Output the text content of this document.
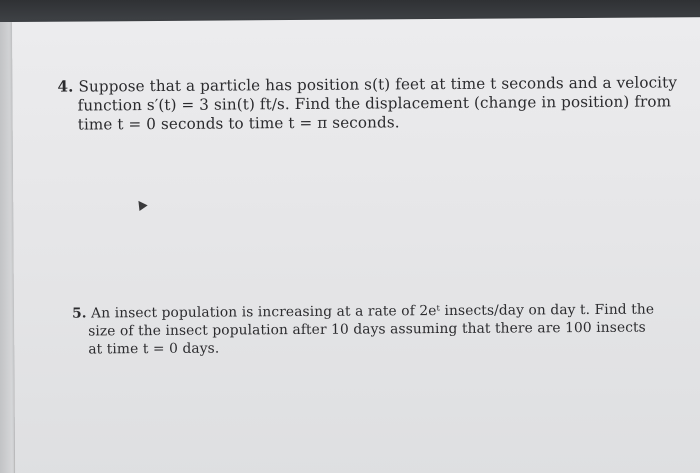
4. Suppose that a particle has position s(t) feet at time t seconds and a velocity
function s′(t) = 3 sin(t) ft/s. Find the displacement (change in position) from
time t = 0 seconds to time t = π seconds.
5. An insect population is increasing at a rate of 2eᵗ insects/day on day t. Find the
size of the insect population after 10 days assuming that there are 100 insects
at time t = 0 days.
